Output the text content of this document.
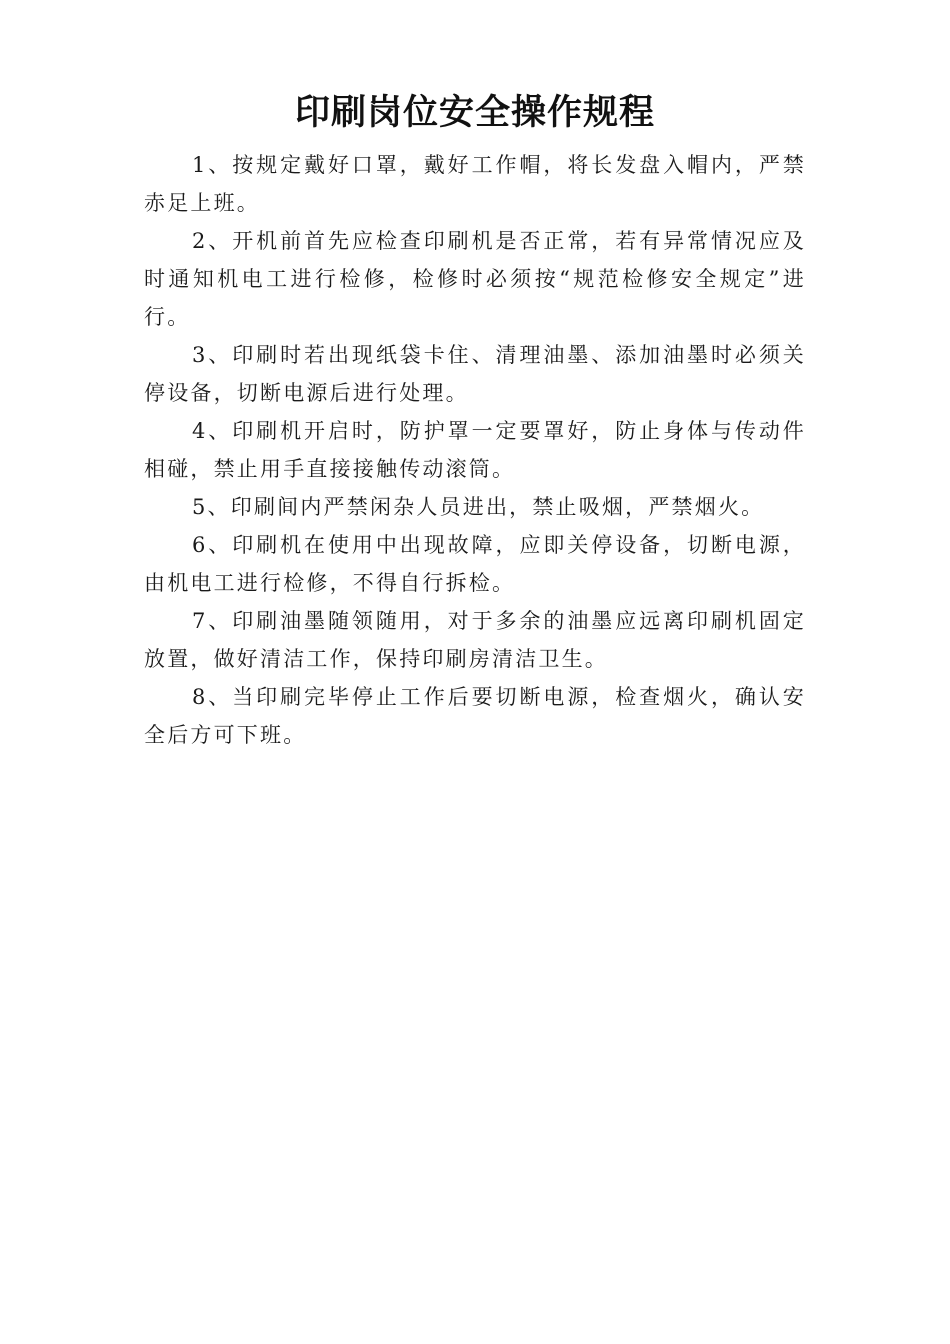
印刷岗位安全操作规程

1、按规定戴好口罩，戴好工作帽，将长发盘入帽内，严禁赤足上班。

2、开机前首先应检查印刷机是否正常，若有异常情况应及时通知机电工进行检修，检修时必须按“规范检修安全规定”进行。

3、印刷时若出现纸袋卡住、清理油墨、添加油墨时必须关停设备，切断电源后进行处理。

4、印刷机开启时，防护罩一定要罩好，防止身体与传动件相碰，禁止用手直接接触传动滚筒。

5、印刷间内严禁闲杂人员进出，禁止吸烟，严禁烟火。

6、印刷机在使用中出现故障，应即关停设备，切断电源，由机电工进行检修，不得自行拆检。

7、印刷油墨随领随用，对于多余的油墨应远离印刷机固定放置，做好清洁工作，保持印刷房清洁卫生。

8、当印刷完毕停止工作后要切断电源，检查烟火，确认安全后方可下班。
